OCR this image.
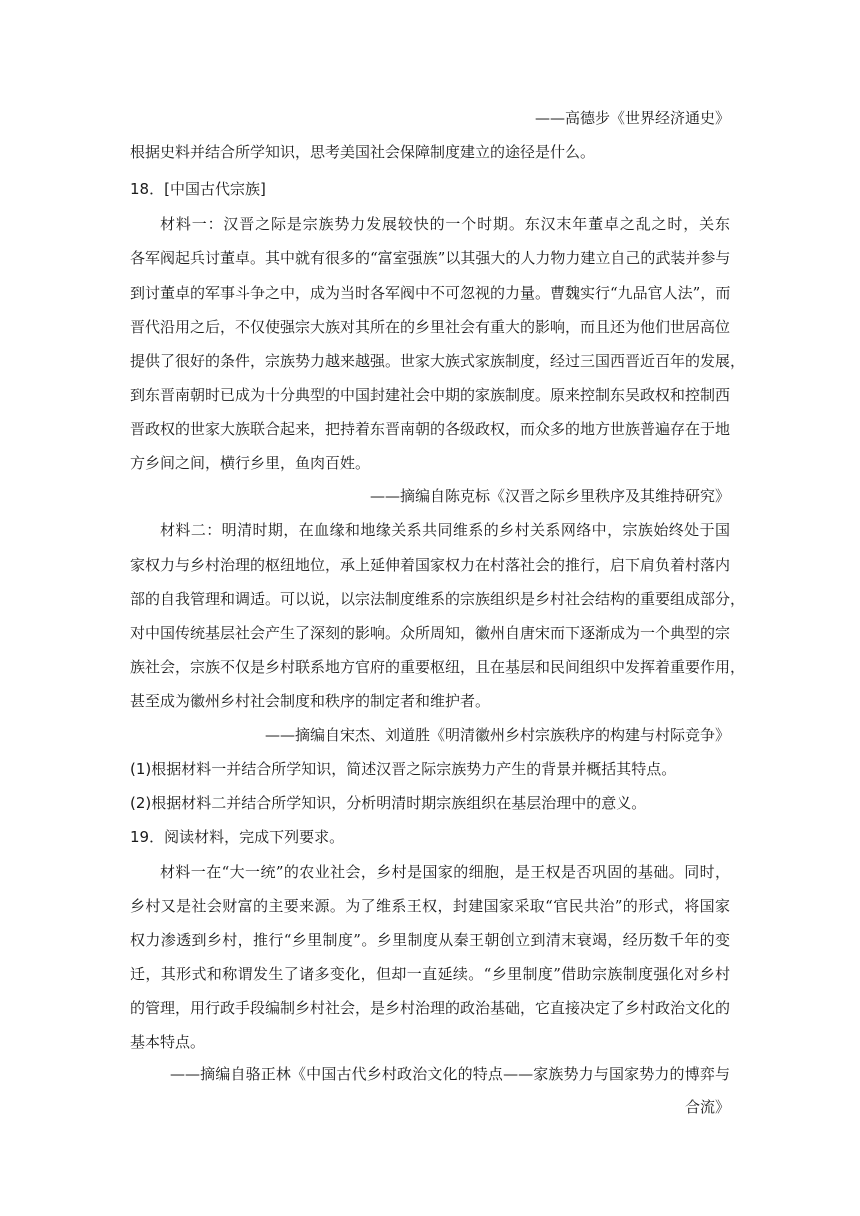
——高德步《世界经济通史》

根据史料并结合所学知识，思考美国社会保障制度建立的途径是什么。

18．[中国古代宗族]

材料一：汉晋之际是宗族势力发展较快的一个时期。东汉末年董卓之乱之时，关东

各军阀起兵讨董卓。其中就有很多的“富室强族”以其强大的人力物力建立自己的武装并参与

到讨董卓的军事斗争之中，成为当时各军阀中不可忽视的力量。曹魏实行“九品官人法”，而

晋代沿用之后，不仅使强宗大族对其所在的乡里社会有重大的影响，而且还为他们世居高位

提供了很好的条件，宗族势力越来越强。世家大族式家族制度，经过三国西晋近百年的发展，

到东晋南朝时已成为十分典型的中国封建社会中期的家族制度。原来控制东吴政权和控制西

晋政权的世家大族联合起来，把持着东晋南朝的各级政权，而众多的地方世族普遍存在于地

方乡间之间，横行乡里，鱼肉百姓。

——摘编自陈克标《汉晋之际乡里秩序及其维持研究》

材料二：明清时期，在血缘和地缘关系共同维系的乡村关系网络中，宗族始终处于国

家权力与乡村治理的枢纽地位，承上延伸着国家权力在村落社会的推行，启下肩负着村落内

部的自我管理和调适。可以说，以宗法制度维系的宗族组织是乡村社会结构的重要组成部分，

对中国传统基层社会产生了深刻的影响。众所周知，徽州自唐宋而下逐渐成为一个典型的宗

族社会，宗族不仅是乡村联系地方官府的重要枢纽，且在基层和民间组织中发挥着重要作用，

甚至成为徽州乡村社会制度和秩序的制定者和维护者。

——摘编自宋杰、刘道胜《明清徽州乡村宗族秩序的构建与村际竞争》

(1)根据材料一并结合所学知识，简述汉晋之际宗族势力产生的背景并概括其特点。

(2)根据材料二并结合所学知识，分析明清时期宗族组织在基层治理中的意义。

19．阅读材料，完成下列要求。

材料一在“大一统”的农业社会，乡村是国家的细胞，是王权是否巩固的基础。同时，

乡村又是社会财富的主要来源。为了维系王权，封建国家采取“官民共治”的形式，将国家

权力渗透到乡村，推行“乡里制度”。乡里制度从秦王朝创立到清末衰竭，经历数千年的变

迁，其形式和称谓发生了诸多变化，但却一直延续。“乡里制度”借助宗族制度强化对乡村

的管理，用行政手段编制乡村社会，是乡村治理的政治基础，它直接决定了乡村政治文化的

基本特点。

——摘编自骆正林《中国古代乡村政治文化的特点——家族势力与国家势力的博弈与

合流》
